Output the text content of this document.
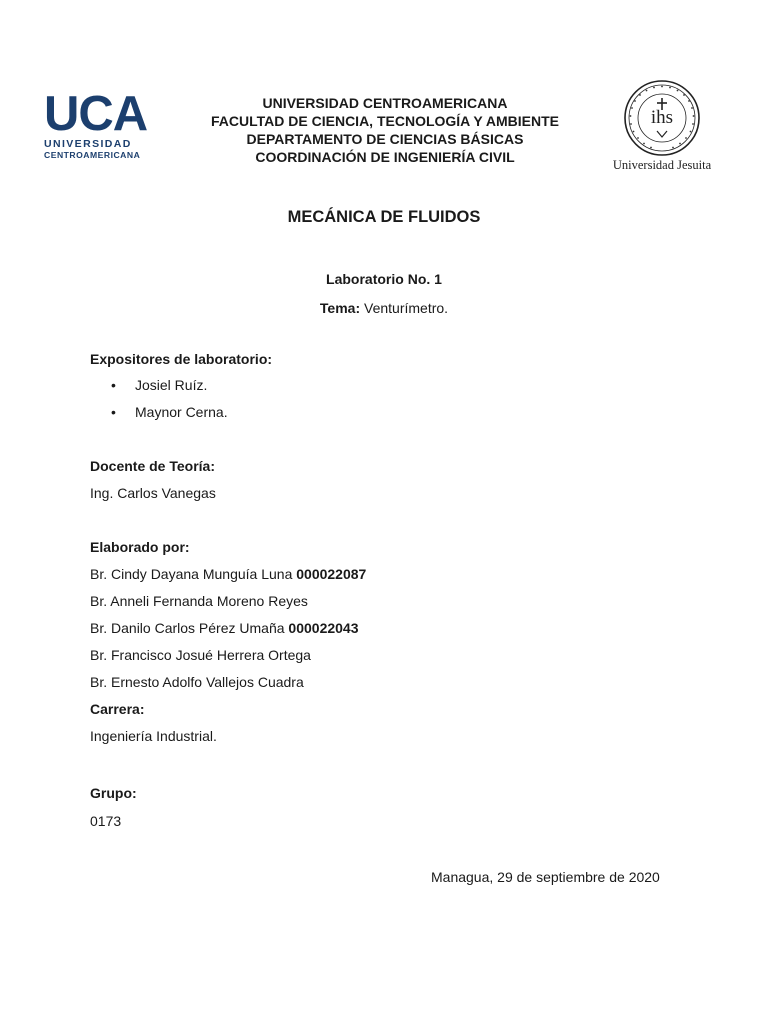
UCA
UNIVERSIDAD
CENTROAMERICANA
ihs
Universidad Jesuita
UNIVERSIDAD CENTROAMERICANA
FACULTAD DE CIENCIA, TECNOLOGÍA Y AMBIENTE
DEPARTAMENTO DE CIENCIAS BÁSICAS
COORDINACIÓN DE INGENIERÍA CIVIL
MECÁNICA DE FLUIDOS
Laboratorio No. 1
Tema: Venturímetro.
Expositores de laboratorio:
• Josiel Ruíz.
• Maynor Cerna.
Docente de Teoría:
Ing. Carlos Vanegas
Elaborado por:
Br. Cindy Dayana Munguía Luna 000022087
Br. Anneli Fernanda Moreno Reyes
Br. Danilo Carlos Pérez Umaña 000022043
Br. Francisco Josué Herrera Ortega
Br. Ernesto Adolfo Vallejos Cuadra
Carrera:
Ingeniería Industrial.
Grupo:
0173
Managua, 29 de septiembre de 2020
